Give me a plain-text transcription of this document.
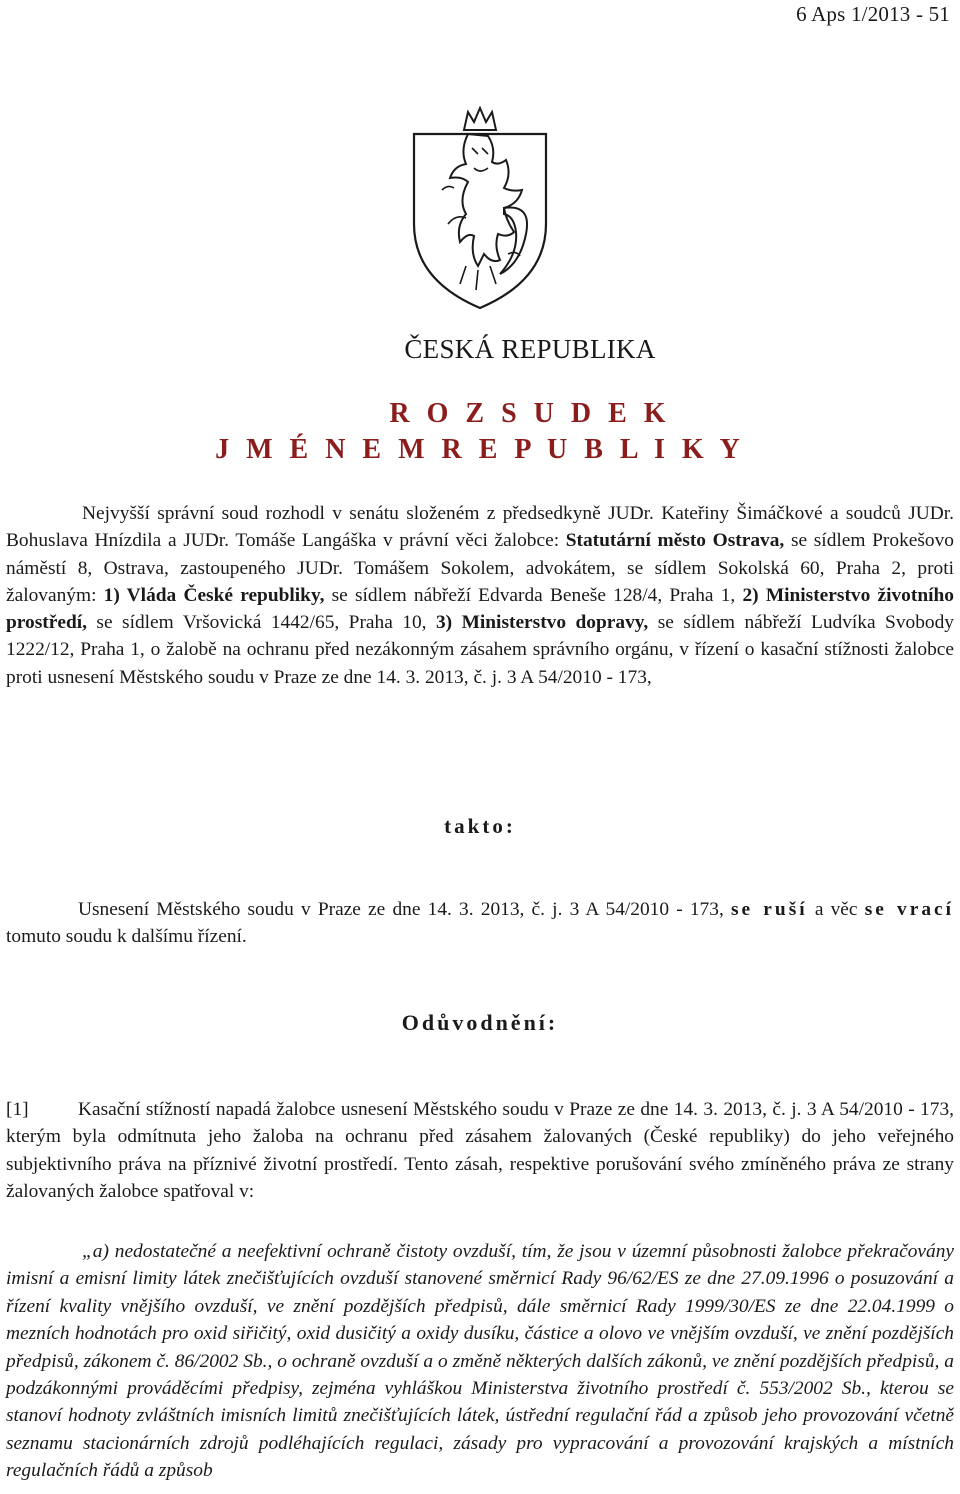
6 Aps 1/2013 - 51
ČESKÁ REPUBLIKA
R O Z S U D E K
J M É N E M R E P U B L I K Y
Nejvyšší správní soud rozhodl v senátu složeném z předsedkyně JUDr. Kateřiny Šimáčkové a soudců JUDr. Bohuslava Hnízdila a JUDr. Tomáše Langáška v právní věci žalobce: Statutární město Ostrava, se sídlem Prokešovo náměstí 8, Ostrava, zastoupeného JUDr. Tomášem Sokolem, advokátem, se sídlem Sokolská 60, Praha 2, proti žalovaným: 1) Vláda České republiky, se sídlem nábřeží Edvarda Beneše 128/4, Praha 1, 2) Ministerstvo životního prostředí, se sídlem Vršovická 1442/65, Praha 10, 3) Ministerstvo dopravy, se sídlem nábřeží Ludvíka Svobody 1222/12, Praha 1, o žalobě na ochranu před nezákonným zásahem správního orgánu, v řízení o kasační stížnosti žalobce proti usnesení Městského soudu v Praze ze dne 14. 3. 2013, č. j. 3 A 54/2010 - 173,
takto:
Usnesení Městského soudu v Praze ze dne 14. 3. 2013, č. j. 3 A 54/2010 - 173, se ruší a věc se vrací tomuto soudu k dalšímu řízení.
Odůvodnění:
[1]	Kasační stížností napadá žalobce usnesení Městského soudu v Praze ze dne 14. 3. 2013, č. j. 3 A 54/2010 - 173, kterým byla odmítnuta jeho žaloba na ochranu před zásahem žalovaných (České republiky) do jeho veřejného subjektivního práva na příznivé životní prostředí. Tento zásah, respektive porušování svého zmíněného práva ze strany žalovaných žalobce spatřoval v:
„a) nedostatečné a neefektivní ochraně čistoty ovzduší, tím, že jsou v územní působnosti žalobce překračovány imisní a emisní limity látek znečišťujících ovzduší stanovené směrnicí Rady 96/62/ES ze dne 27.09.1996 o posuzování a řízení kvality vnějšího ovzduší, ve znění pozdějších předpisů, dále směrnicí Rady 1999/30/ES ze dne 22.04.1999 o mezních hodnotách pro oxid siřičitý, oxid dusičitý a oxidy dusíku, částice a olovo ve vnějším ovzduší, ve znění pozdějších předpisů, zákonem č. 86/2002 Sb., o ochraně ovzduší a o změně některých dalších zákonů, ve znění pozdějších předpisů, a podzákonnými prováděcími předpisy, zejména vyhláškou Ministerstva životního prostředí č. 553/2002 Sb., kterou se stanoví hodnoty zvláštních imisních limitů znečišťujících látek, ústřední regulační řád a způsob jeho provozování včetně seznamu stacionárních zdrojů podléhajících regulaci, zásady pro vypracování a provozování krajských a místních regulačních řádů a způsob
